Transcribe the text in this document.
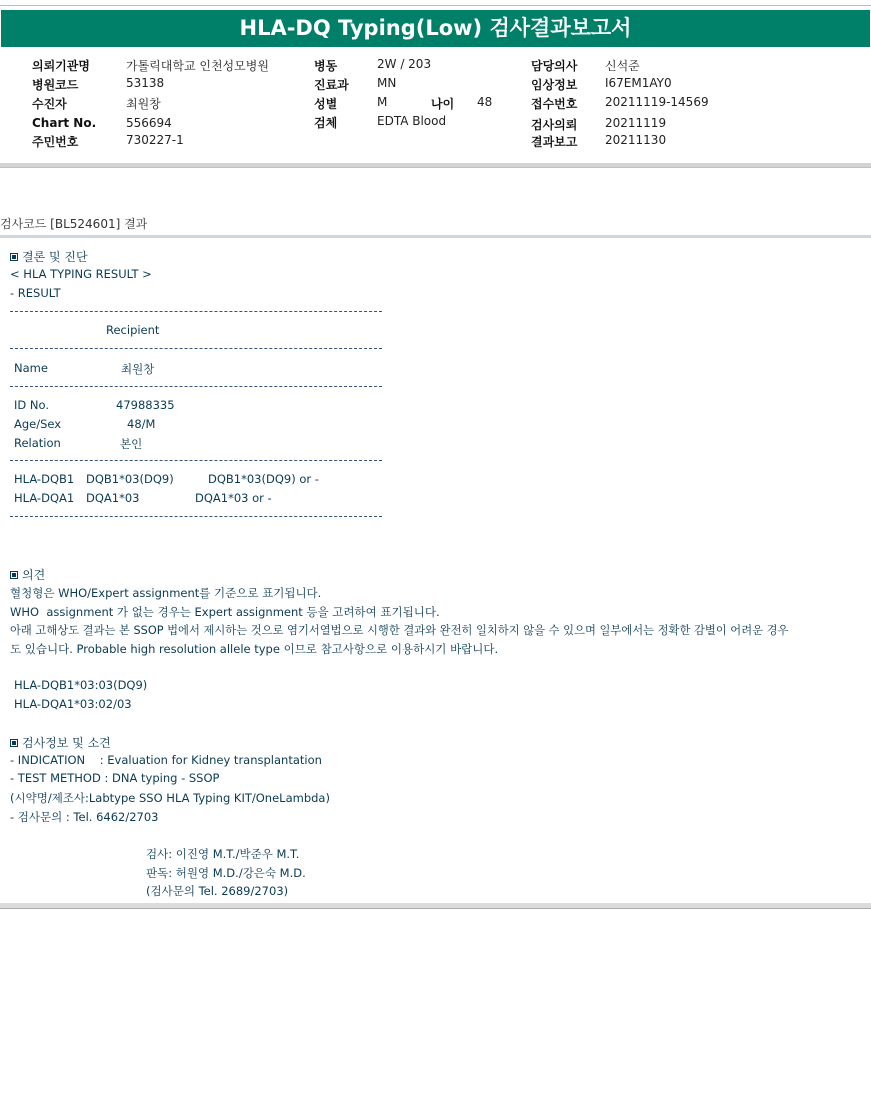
HLA-DQ Typing(Low) 검사결과보고서
의뢰기관명	가톨릭대학교 인천성모병원
병원코드	53138
수진자	최원창
Chart No. 556694
주민번호	730227-1
병동	2W / 203
진료과 MN
성별	M	나이 48
검체	EDTA Blood
담당의사 신석준
임상정보 I67EM1AY0
접수번호 20211119-14569
검사의뢰 20211119
결과보고 20211130
검사코드 [BL524601] 결과
결론 및 진단
< HLA TYPING RESULT >
- RESULT
Recipient
Name	최원창
ID No.	47988335
Age/Sex	48/M
Relation	본인
HLA-DQB1 DQB1*03(DQ9)	DQB1*03(DQ9) or -
HLA-DQA1 DQA1*03	DQA1*03 or -
의견
혈청형은 WHO/Expert assignment를 기준으로 표기됩니다.
WHO  assignment 가 없는 경우는 Expert assignment 등을 고려하여 표기됩니다.
아래 고해상도 결과는 본 SSOP 법에서 제시하는 것으로 염기서열법으로 시행한 결과와 완전히 일치하지 않을 수 있으며 일부에서는 정확한 감별이 어려운 경우
도 있습니다. Probable high resolution allele type 이므로 참고사항으로 이용하시기 바랍니다.
HLA-DQB1*03:03(DQ9)
HLA-DQA1*03:02/03
검사정보 및 소견
- INDICATION    : Evaluation for Kidney transplantation
- TEST METHOD : DNA typing - SSOP
(시약명/제조사:Labtype SSO HLA Typing KIT/OneLambda)
- 검사문의 : Tel. 6462/2703
검사: 이진영 M.T./박준우 M.T.
판독: 허원영 M.D./강은숙 M.D.
(검사문의 Tel. 2689/2703)
